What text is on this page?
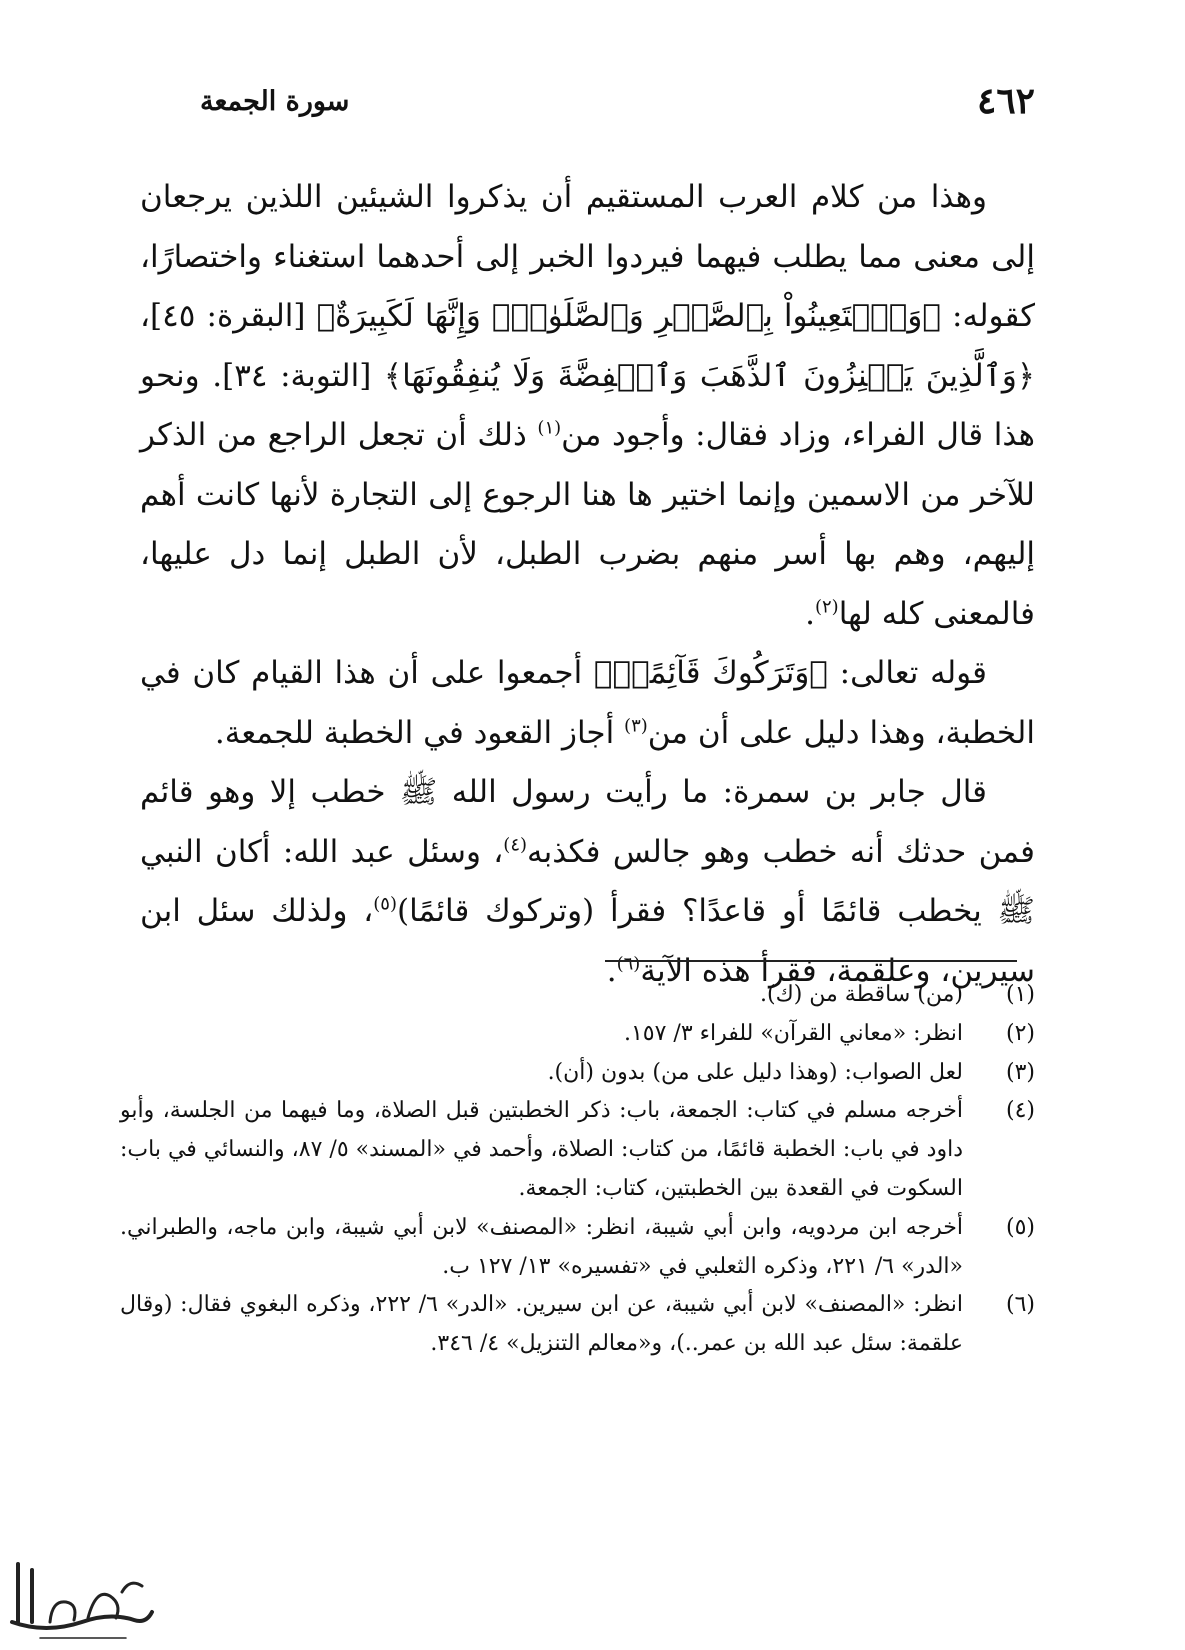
٤٦٢
سورة الجمعة

وهذا من كلام العرب المستقيم أن يذكروا الشيئين اللذين يرجعان إلى معنى مما يطلب فيهما فيردوا الخبر إلى أحدهما استغناء واختصارًا، كقوله: ﴿وَٱسۡتَعِينُواْ بِٱلصَّبۡرِ وَٱلصَّلَوٰةِۚ وَإِنَّهَا لَكَبِيرَةٌ﴾ [البقرة: ٤٥]، ﴿وَٱلَّذِينَ يَكۡنِزُونَ ٱلذَّهَبَ وَٱلۡفِضَّةَ وَلَا يُنفِقُونَهَا﴾ [التوبة: ٣٤]. ونحو هذا قال الفراء، وزاد فقال: وأجود من$^{(١)}$ ذلك أن تجعل الراجع من الذكر للآخر من الاسمين وإنما اختير ها هنا الرجوع إلى التجارة لأنها كانت أهم إليهم، وهم بها أسر منهم بضرب الطبل، لأن الطبل إنما دل عليها، فالمعنى كله لها$^{(٢)}$.

قوله تعالى: ﴿وَتَرَكُوكَ قَآئِمًاۚ﴾ أجمعوا على أن هذا القيام كان في الخطبة، وهذا دليل على أن من$^{(٣)}$ أجاز القعود في الخطبة للجمعة.

قال جابر بن سمرة: ما رأيت رسول الله ﷺ خطب إلا وهو قائم فمن حدثك أنه خطب وهو جالس فكذبه$^{(٤)}$، وسئل عبد الله: أكان النبي ﷺ يخطب قائمًا أو قاعدًا؟ فقرأ (وتركوك قائمًا)$^{(٥)}$، ولذلك سئل ابن سيرين، وعلقمة، فقرأ هذه الآية$^{(٦)}$.

(١)
(من) ساقطة من (ك).
(٢)
انظر: «معاني القرآن» للفراء ٣/ ١٥٧.
(٣)
لعل الصواب: (وهذا دليل على من) بدون (أن).
(٤)
أخرجه مسلم في كتاب: الجمعة، باب: ذكر الخطبتين قبل الصلاة، وما فيهما من الجلسة، وأبو داود في باب: الخطبة قائمًا، من كتاب: الصلاة، وأحمد في «المسند» ٥/ ٨٧، والنسائي في باب: السكوت في القعدة بين الخطبتين، كتاب: الجمعة.
(٥)
أخرجه ابن مردويه، وابن أبي شيبة، انظر: «المصنف» لابن أبي شيبة، وابن ماجه، والطبراني. «الدر» ٦/ ٢٢١، وذكره الثعلبي في «تفسيره» ١٣/ ١٢٧ ب.
(٦)
انظر: «المصنف» لابن أبي شيبة، عن ابن سيرين. «الدر» ٦/ ٢٢٢، وذكره البغوي فقال: (وقال علقمة: سئل عبد الله بن عمر..)، و«معالم التنزيل» ٤/ ٣٤٦.
